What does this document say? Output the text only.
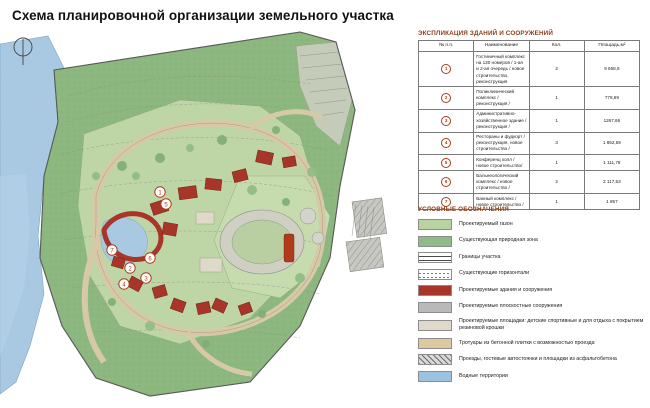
Схема планировочной организации земельного участка
1
2
3
4
5
6
7
ЭКСПЛИКАЦИЯ ЗДАНИЙ И СООРУЖЕНИЙ
№ п.п.	Наименование	Кол.	Площадь,м²
1	Гостиничный комплекс на 130 номеров / 1-ая и 2-ая очередь / новое строительство, реконструкция	2	9 658,6
2	Поликлинический комплекс / реконструкция /	1	778,69
3	Административно-хозяйственное здание / реконструкция /	1	1267,66
4	Рестораны и фудкорт / реконструкция, новое строительство /	3	1 852,59
5	Конференц холл /новое строительство/	1	1 111,78
6	Бальнеологический комплекс / новое строительство /	2	2 117,53
7	Банный комплекс / новое строительство /	1	1 857
УСЛОВНЫЕ ОБОЗНАЧЕНИЯ
Проектируемый газон
Существующая природная зона
Границы участка
Существующие горизонтали
Проектируемые здания и сооружения
Проектируемые плоскостные сооружения
Проектируемые площадки: детские спортивные и для отдыха с покрытием резиновой крошки
Тротуары из бетонной плитки с возможностью проезда
Проезды, гостевые автостоянки и площадки из асфальтобетона
Водные территории
